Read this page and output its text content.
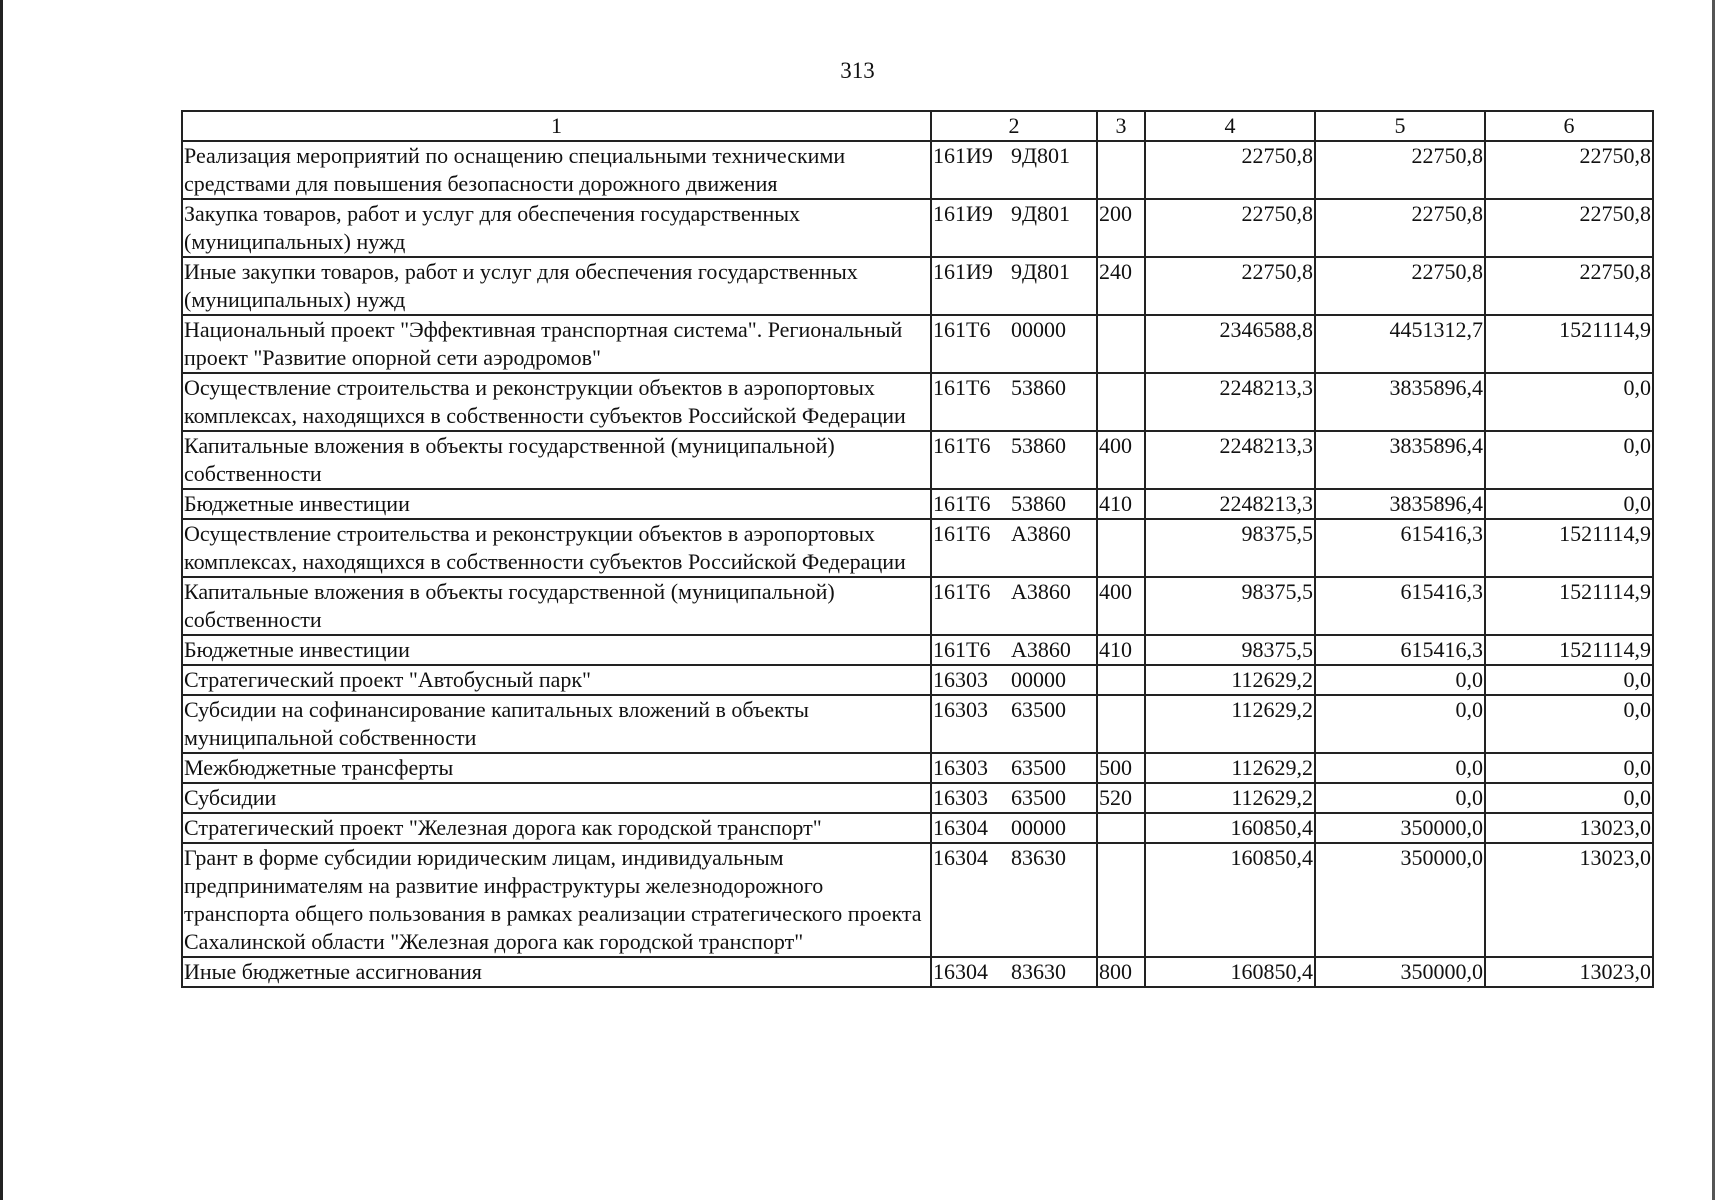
313
1	2	3	4	5	6
Реализация мероприятий по оснащению специальными техническими средствами для повышения безопасности дорожного движения	161И9 9Д801		22750,8	22750,8	22750,8
Закупка товаров, работ и услуг для обеспечения государственных (муниципальных) нужд	161И9 9Д801	200	22750,8	22750,8	22750,8
Иные закупки товаров, работ и услуг для обеспечения государственных (муниципальных) нужд	161И9 9Д801	240	22750,8	22750,8	22750,8
Национальный проект "Эффективная транспортная система". Региональный проект "Развитие опорной сети аэродромов"	161Т6 00000		2346588,8	4451312,7	1521114,9
Осуществление строительства и реконструкции объектов в аэропортовых комплексах, находящихся в собственности субъектов Российской Федерации	161Т6 53860		2248213,3	3835896,4	0,0
Капитальные вложения в объекты государственной (муниципальной) собственности	161Т6 53860	400	2248213,3	3835896,4	0,0
Бюджетные инвестиции	161Т6 53860	410	2248213,3	3835896,4	0,0
Осуществление строительства и реконструкции объектов в аэропортовых комплексах, находящихся в собственности субъектов Российской Федерации	161Т6 А3860		98375,5	615416,3	1521114,9
Капитальные вложения в объекты государственной (муниципальной) собственности	161Т6 А3860	400	98375,5	615416,3	1521114,9
Бюджетные инвестиции	161Т6 А3860	410	98375,5	615416,3	1521114,9
Стратегический проект "Автобусный парк"	16303 00000		112629,2	0,0	0,0
Субсидии на софинансирование капитальных вложений в объекты муниципальной собственности	16303 63500		112629,2	0,0	0,0
Межбюджетные трансферты	16303 63500	500	112629,2	0,0	0,0
Субсидии	16303 63500	520	112629,2	0,0	0,0
Стратегический проект "Железная дорога как городской транспорт"	16304 00000		160850,4	350000,0	13023,0
Грант в форме субсидии юридическим лицам, индивидуальным предпринимателям на развитие инфраструктуры железнодорожного транспорта общего пользования в рамках реализации стратегического проекта Сахалинской области "Железная дорога как городской транспорт"	16304 83630		160850,4	350000,0	13023,0
Иные бюджетные ассигнования	16304 83630	800	160850,4	350000,0	13023,0
